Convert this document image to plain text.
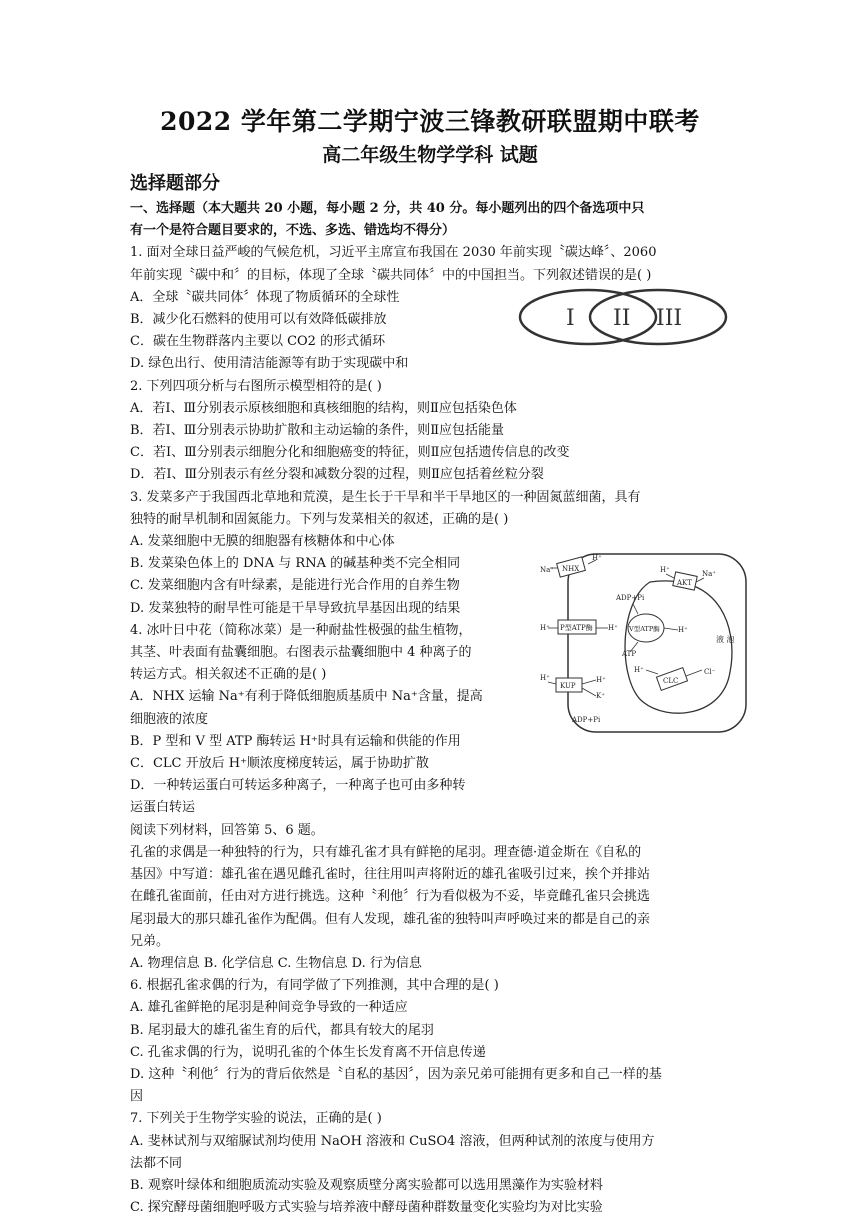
2022 学年第二学期宁波三锋教研联盟期中联考
高二年级生物学学科 试题
选择题部分

一、选择题（本大题共 20 小题，每小题 2 分，共 40 分。每小题列出的四个备选项中只

有一个是符合题目要求的，不选、多选、错选均不得分）

1. 面对全球日益严峻的气候危机，习近平主席宣布我国在 2030 年前实现〝碳达峰〞、2060

年前实现〝碳中和〞的目标，体现了全球〝碳共同体〞中的中国担当。下列叙述错误的是( )

A．全球〝碳共同体〞体现了物质循环的全球性

B．减少化石燃料的使用可以有效降低碳排放

C．碳在生物群落内主要以 CO2 的形式循环

D. 绿色出行、使用清洁能源等有助于实现碳中和

2. 下列四项分析与右图所示模型相符的是( )

A．若Ⅰ、Ⅲ分别表示原核细胞和真核细胞的结构，则Ⅱ应包括染色体

B．若Ⅰ、Ⅲ分别表示协助扩散和主动运输的条件，则Ⅱ应包括能量

C．若Ⅰ、Ⅲ分别表示细胞分化和细胞癌变的特征，则Ⅱ应包括遗传信息的改变

D．若Ⅰ、Ⅲ分别表示有丝分裂和减数分裂的过程，则Ⅱ应包括着丝粒分裂

3. 发菜多产于我国西北草地和荒漠，是生长于干旱和半干旱地区的一种固氮蓝细菌，具有

独特的耐旱机制和固氮能力。下列与发菜相关的叙述，正确的是( )

A. 发菜细胞中无膜的细胞器有核糖体和中心体

B. 发菜染色体上的 DNA 与 RNA 的碱基种类不完全相同

C. 发菜细胞内含有叶绿素，是能进行光合作用的自养生物

D. 发菜独特的耐旱性可能是干旱导致抗旱基因出现的结果

4. 冰叶日中花（简称冰菜）是一种耐盐性极强的盐生植物，

其茎、叶表面有盐囊细胞。右图表示盐囊细胞中 4 种离子的

转运方式。相关叙述不正确的是( )

A．NHX 运输 Na⁺有利于降低细胞质基质中 Na⁺含量，提高

细胞液的浓度

B．P 型和 V 型 ATP 酶转运 H⁺时具有运输和供能的作用

C．CLC 开放后 H⁺顺浓度梯度转运，属于协助扩散

D．一种转运蛋白可转运多种离子，一种离子也可由多种转

运蛋白转运

阅读下列材料，回答第 5、6 题。

孔雀的求偶是一种独特的行为，只有雄孔雀才具有鲜艳的尾羽。理查德·道金斯在《自私的

基因》中写道：雄孔雀在遇见雌孔雀时，往往用叫声将附近的雄孔雀吸引过来，挨个并排站

在雌孔雀面前，任由对方进行挑选。这种〝利他〞行为看似极为不妥，毕竟雌孔雀只会挑选

尾羽最大的那只雄孔雀作为配偶。但有人发现，雄孔雀的独特叫声呼唤过来的都是自己的亲

兄弟。

A. 物理信息 B. 化学信息 C. 生物信息 D. 行为信息

6. 根据孔雀求偶的行为，有同学做了下列推测，其中合理的是( )

A. 雄孔雀鲜艳的尾羽是种间竞争导致的一种适应

B. 尾羽最大的雄孔雀生育的后代，都具有较大的尾羽

C. 孔雀求偶的行为，说明孔雀的个体生长发育离不开信息传递

D. 这种〝利他〞行为的背后依然是〝自私的基因〞，因为亲兄弟可能拥有更多和自己一样的基

因

7. 下列关于生物学实验的说法，正确的是( )

A. 斐林试剂与双缩脲试剂均使用 NaOH 溶液和 CuSO4 溶液，但两种试剂的浓度与使用方

法都不同

B. 观察叶绿体和细胞质流动实验及观察质壁分离实验都可以选用黑藻作为实验材料

C. 探究酵母菌细胞呼吸方式实验与培养液中酵母菌种群数量变化实验均为对比实验

I II III
NHX
Na⁺
H⁺
AKT
H⁺	Na⁺
ADP+Pi
P型ATP酶
H⁺	H⁺ V型ATP酶	H⁺
ATP
液 泡
KUP
H⁺	H⁺
K⁺
CLC
H⁺	Cl⁻
ADP+Pi
